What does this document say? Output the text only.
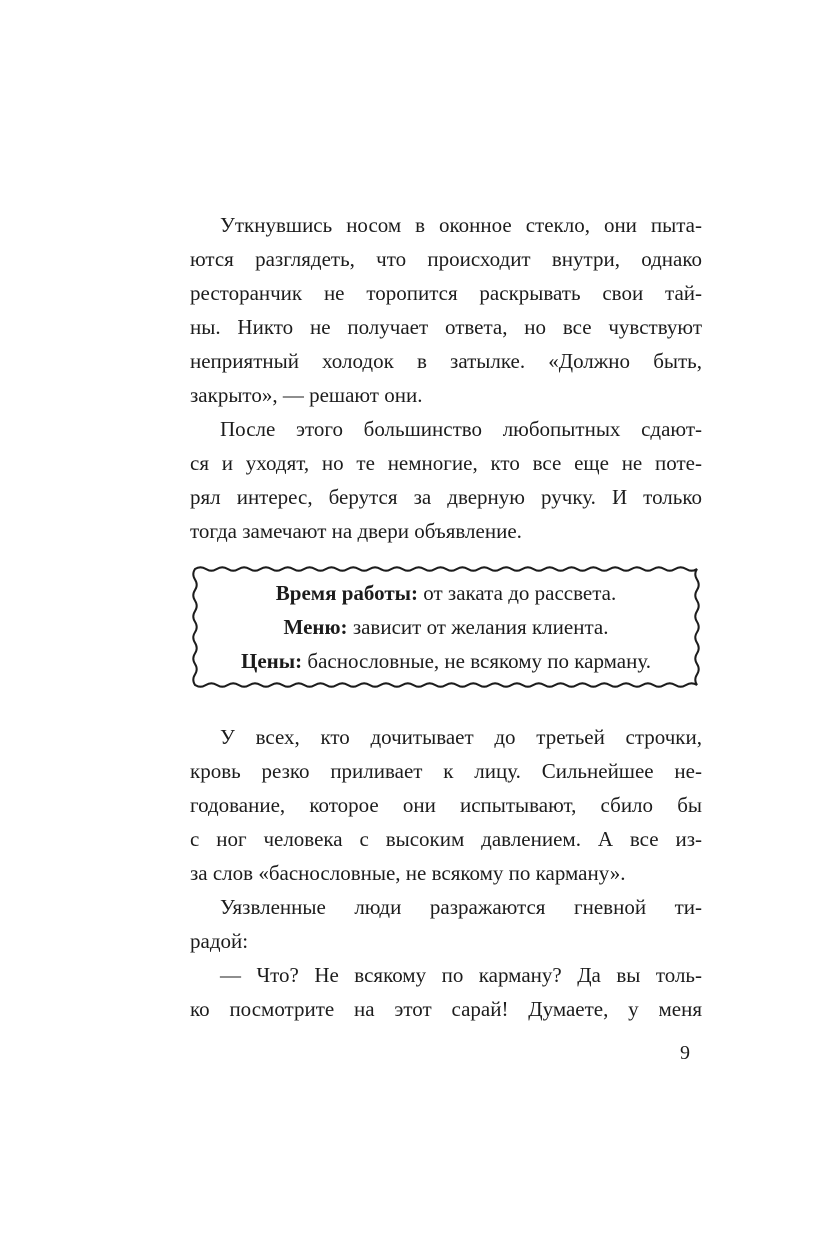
Уткнувшись носом в оконное стекло, они пыта-
ются разглядеть, что происходит внутри, однако
ресторанчик не торопится раскрывать свои тай-
ны. Никто не получает ответа, но все чувствуют
неприятный холодок в затылке. «Должно быть,
закрыто», — решают они.
После этого большинство любопытных сдают-
ся и уходят, но те немногие, кто все еще не поте-
рял интерес, берутся за дверную ручку. И только
тогда замечают на двери объявление.
Время работы: от заката до рассвета.
Меню: зависит от желания клиента.
Цены: баснословные, не всякому по карману.
У всех, кто дочитывает до третьей строчки,
кровь резко приливает к лицу. Сильнейшее не-
годование, которое они испытывают, сбило бы
с ног человека с высоким давлением. А все из-
за слов «баснословные, не всякому по карману».
Уязвленные люди разражаются гневной ти-
радой:
— Что? Не всякому по карману? Да вы толь-
ко посмотрите на этот сарай! Думаете, у меня
9
